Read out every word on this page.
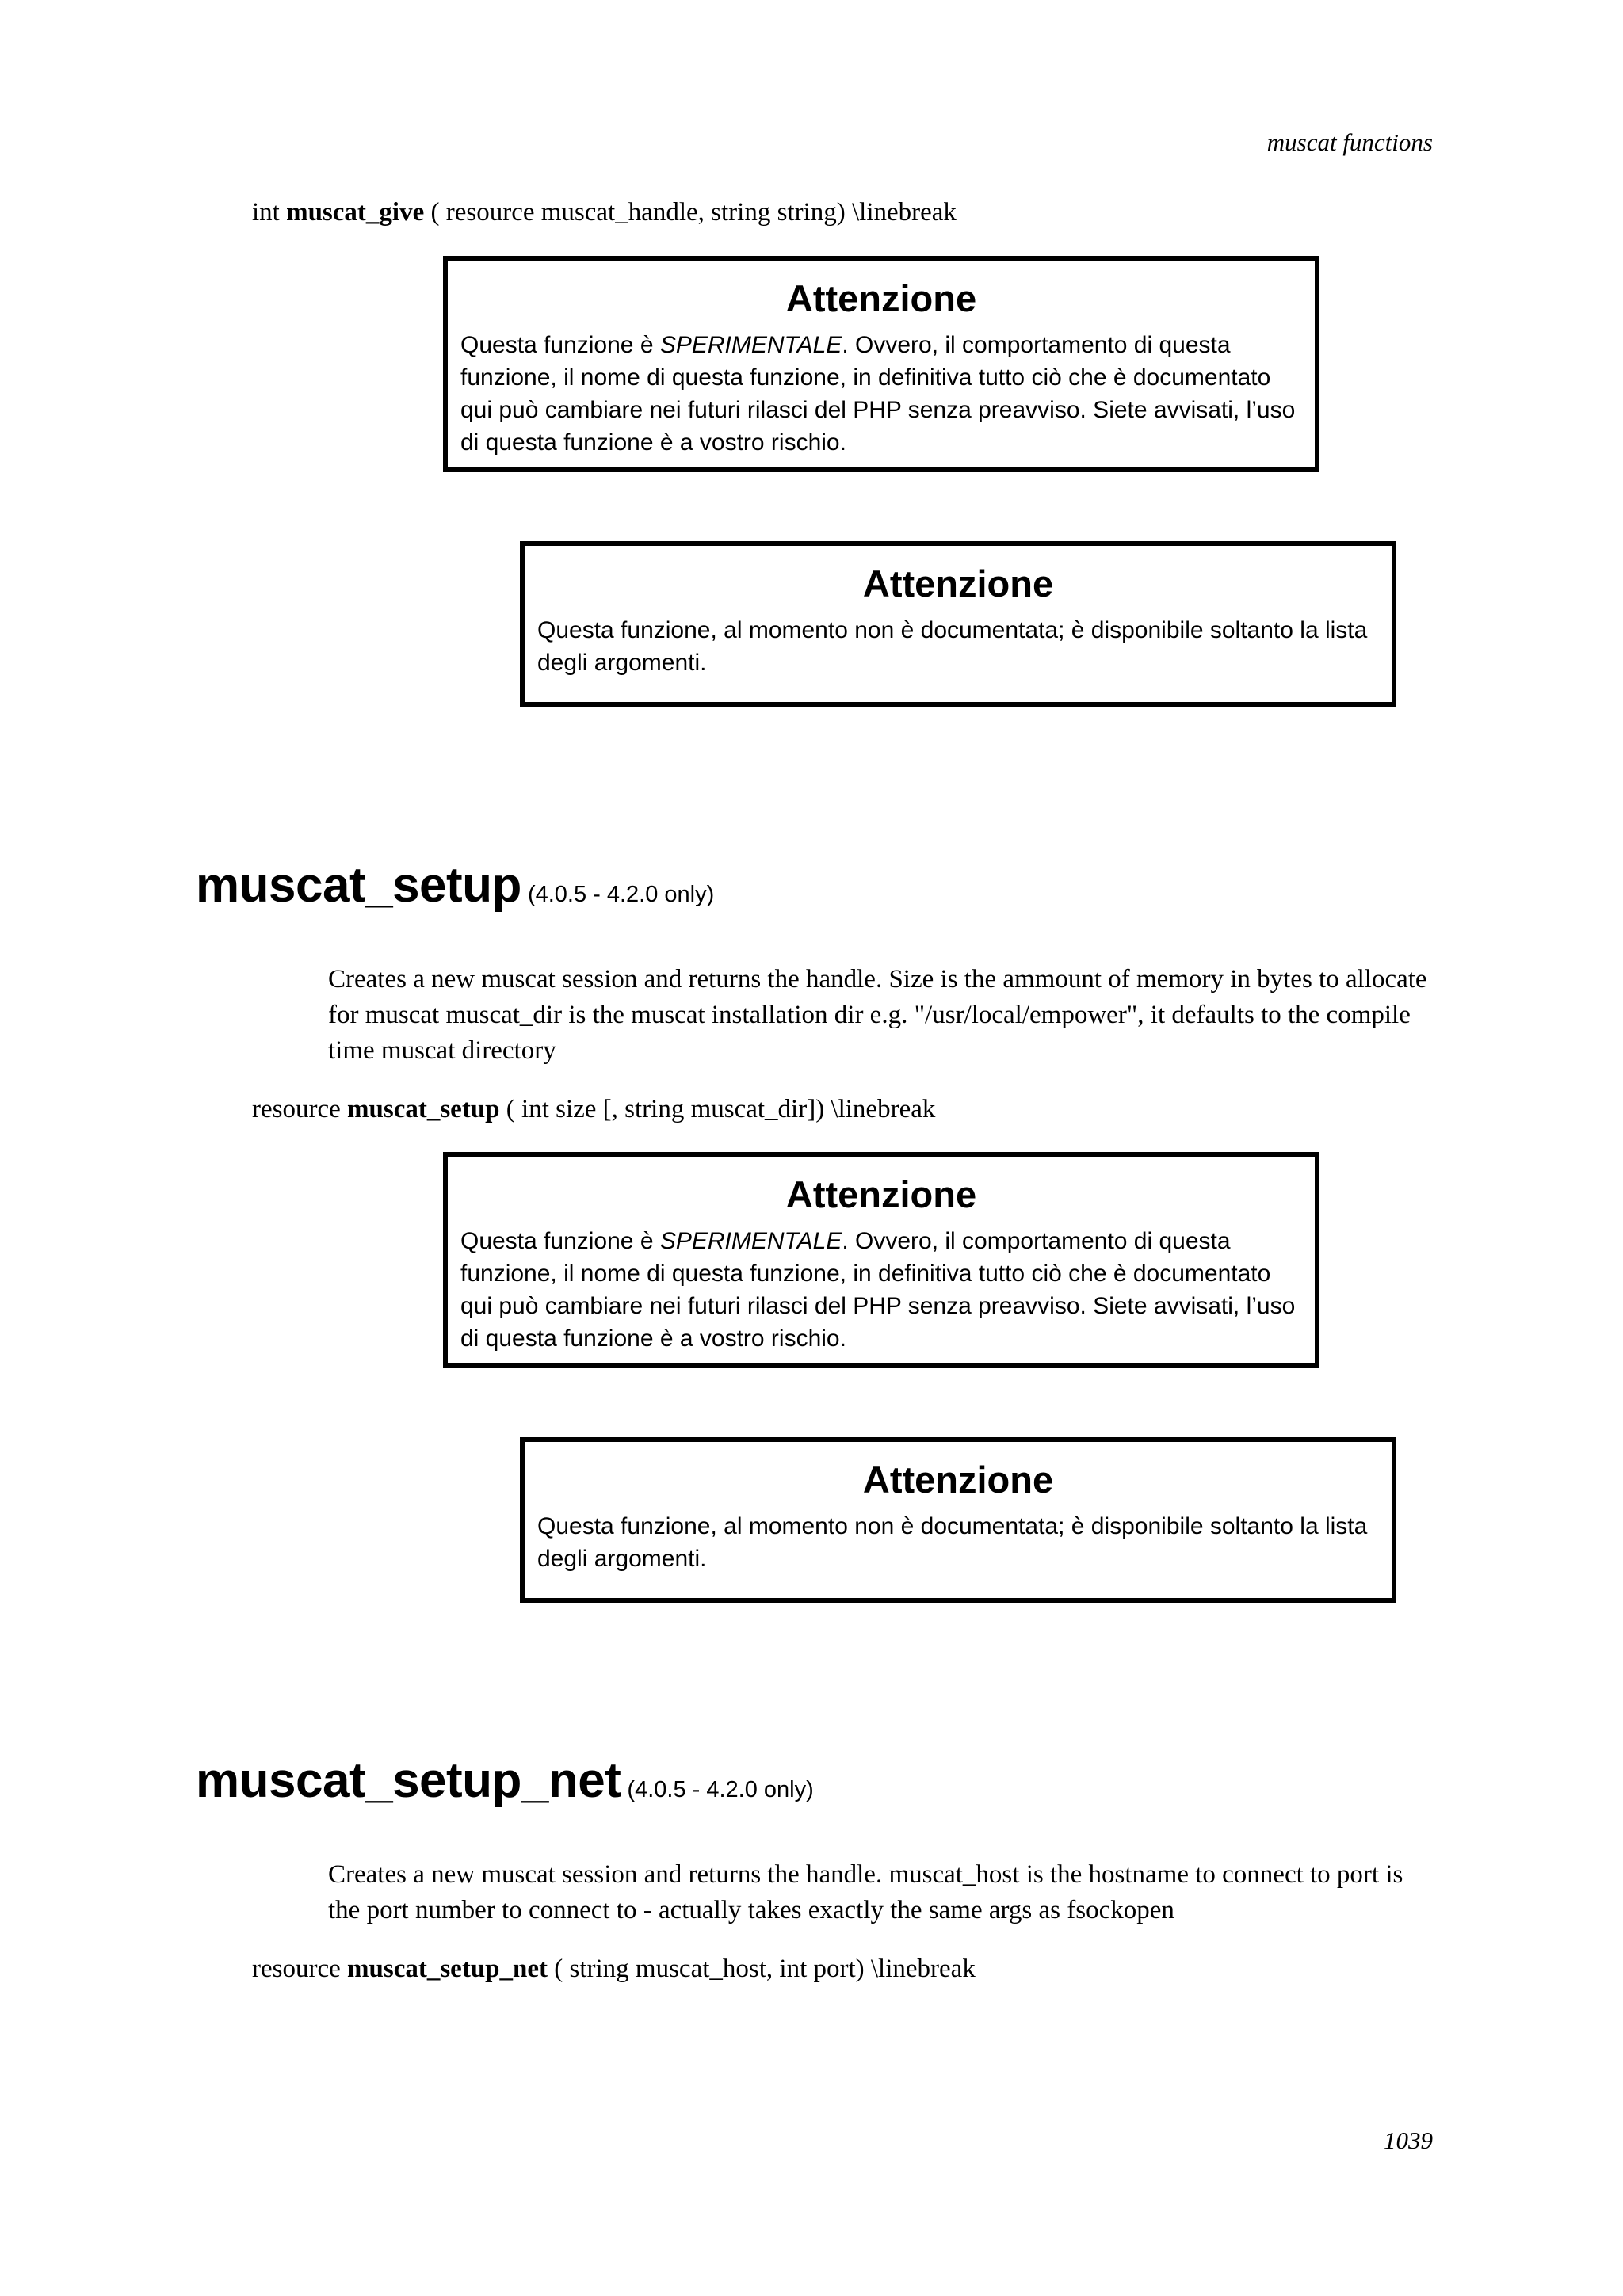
muscat functions
int muscat_give ( resource muscat_handle, string string) \linebreak
Attenzione
Questa funzione è SPERIMENTALE. Ovvero, il comportamento di questa funzione, il nome di questa funzione, in definitiva tutto ciò che è documentato qui può cambiare nei futuri rilasci del PHP senza preavviso. Siete avvisati, l’uso di questa funzione è a vostro rischio.
Attenzione
Questa funzione, al momento non è documentata; è disponibile soltanto la lista degli argomenti.
muscat_setup (4.0.5 - 4.2.0 only)
Creates a new muscat session and returns the handle. Size is the ammount of memory in bytes to allocate for muscat muscat_dir is the muscat installation dir e.g. "/usr/local/empower", it defaults to the compile time muscat directory
resource muscat_setup ( int size [, string muscat_dir]) \linebreak
Attenzione
Questa funzione è SPERIMENTALE. Ovvero, il comportamento di questa funzione, il nome di questa funzione, in definitiva tutto ciò che è documentato qui può cambiare nei futuri rilasci del PHP senza preavviso. Siete avvisati, l’uso di questa funzione è a vostro rischio.
Attenzione
Questa funzione, al momento non è documentata; è disponibile soltanto la lista degli argomenti.
muscat_setup_net (4.0.5 - 4.2.0 only)
Creates a new muscat session and returns the handle. muscat_host is the hostname to connect to port is the port number to connect to - actually takes exactly the same args as fsockopen
resource muscat_setup_net ( string muscat_host, int port) \linebreak
1039
